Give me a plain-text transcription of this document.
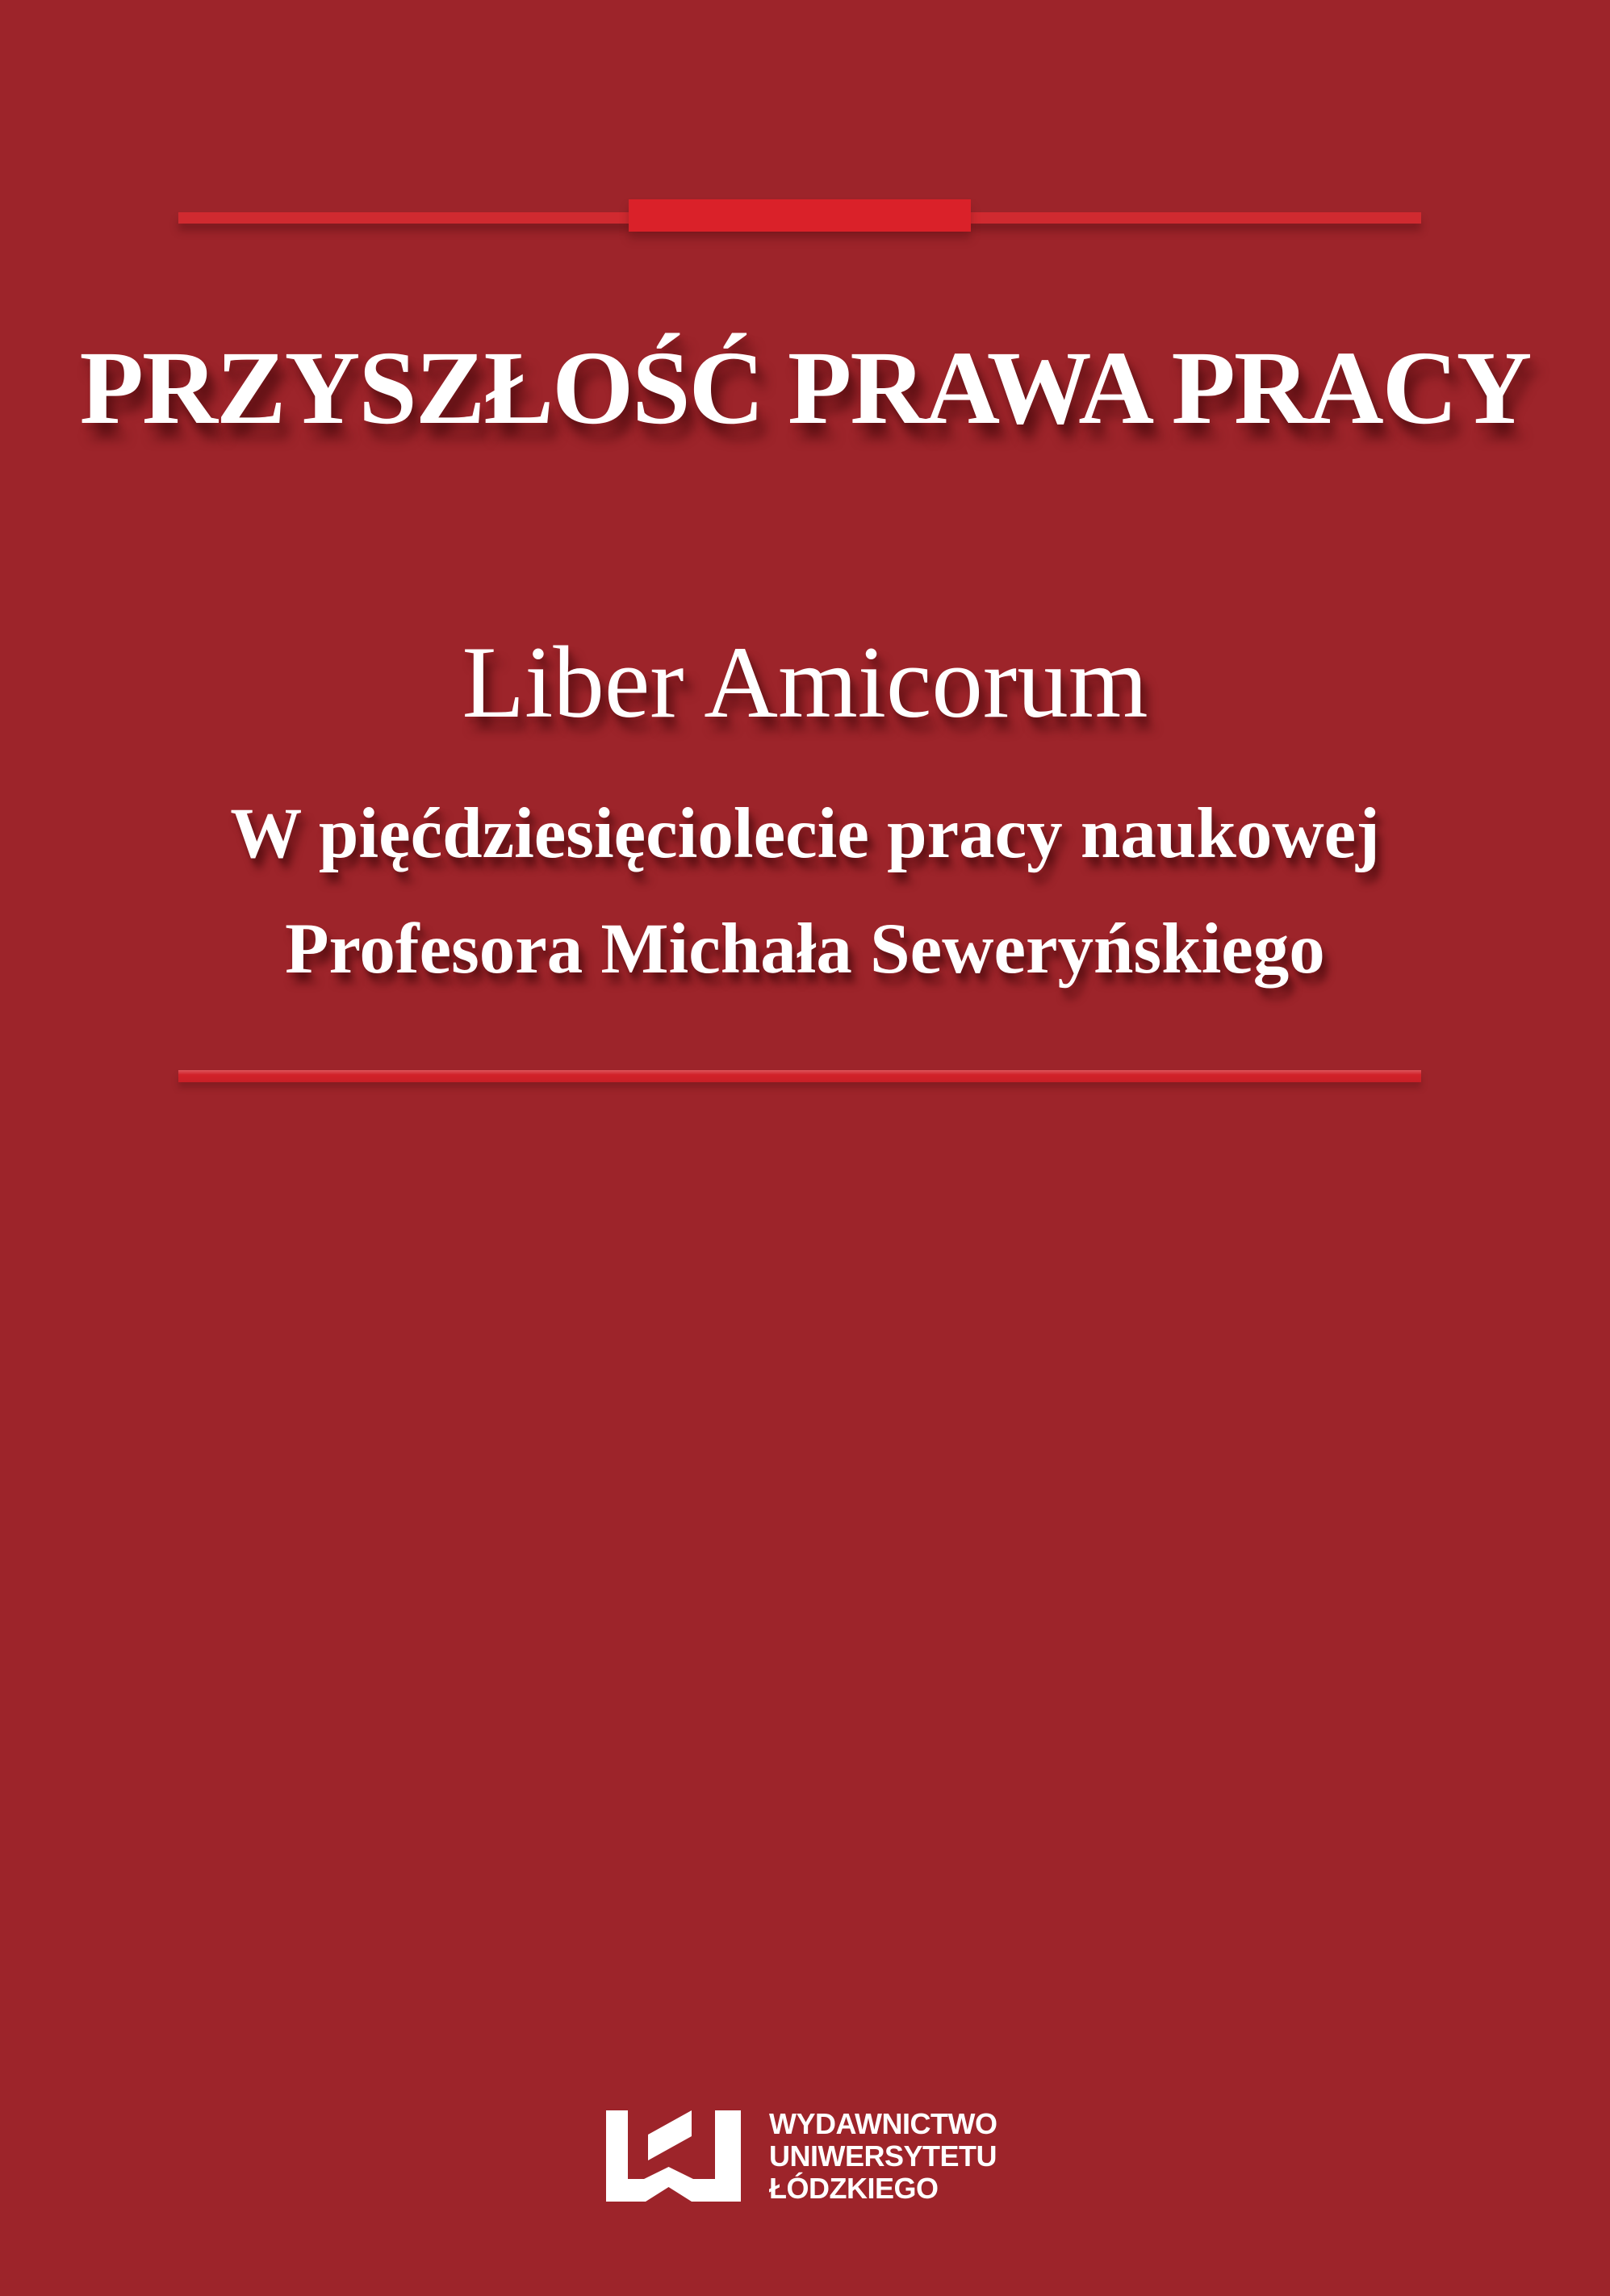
PRZYSZŁOŚĆ PRAWA PRACY
Liber Amicorum
W pięćdziesięciolecie pracy naukowej
Profesora Michała Seweryńskiego
WYDAWNICTWO
UNIWERSYTETU
ŁÓDZKIEGO
